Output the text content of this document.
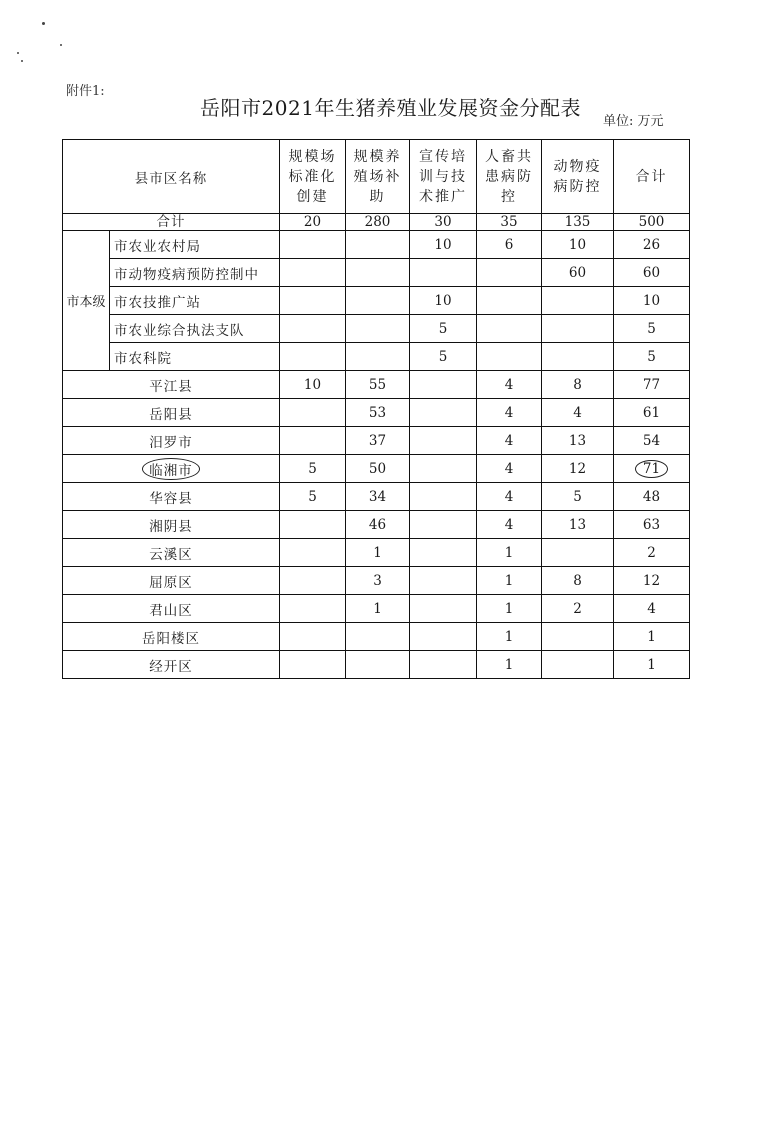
附件1:
岳阳市2021年生猪养殖业发展资金分配表
单位: 万元
县市区名称		规模场标准化创建	规模养殖场补助	宣传培训与技术推广	人畜共患病防控	动物疫病防控	合计
合计		20	280	30	35	135	500
市本级	市农业农村局			10	6	10	26
	市动物疫病预防控制中					60	60
	市农技推广站			10			10
	市农业综合执法支队			5			5
	市农科院			5			5
平江县		10	55		4	8	77
岳阳县			53		4	4	61
汨罗市			37		4	13	54
临湘市		5	50		4	12	71
华容县		5	34		4	5	48
湘阴县			46		4	13	63
云溪区			1		1		2
屈原区			3		1	8	12
君山区			1		1	2	4
岳阳楼区					1		1
经开区					1		1
